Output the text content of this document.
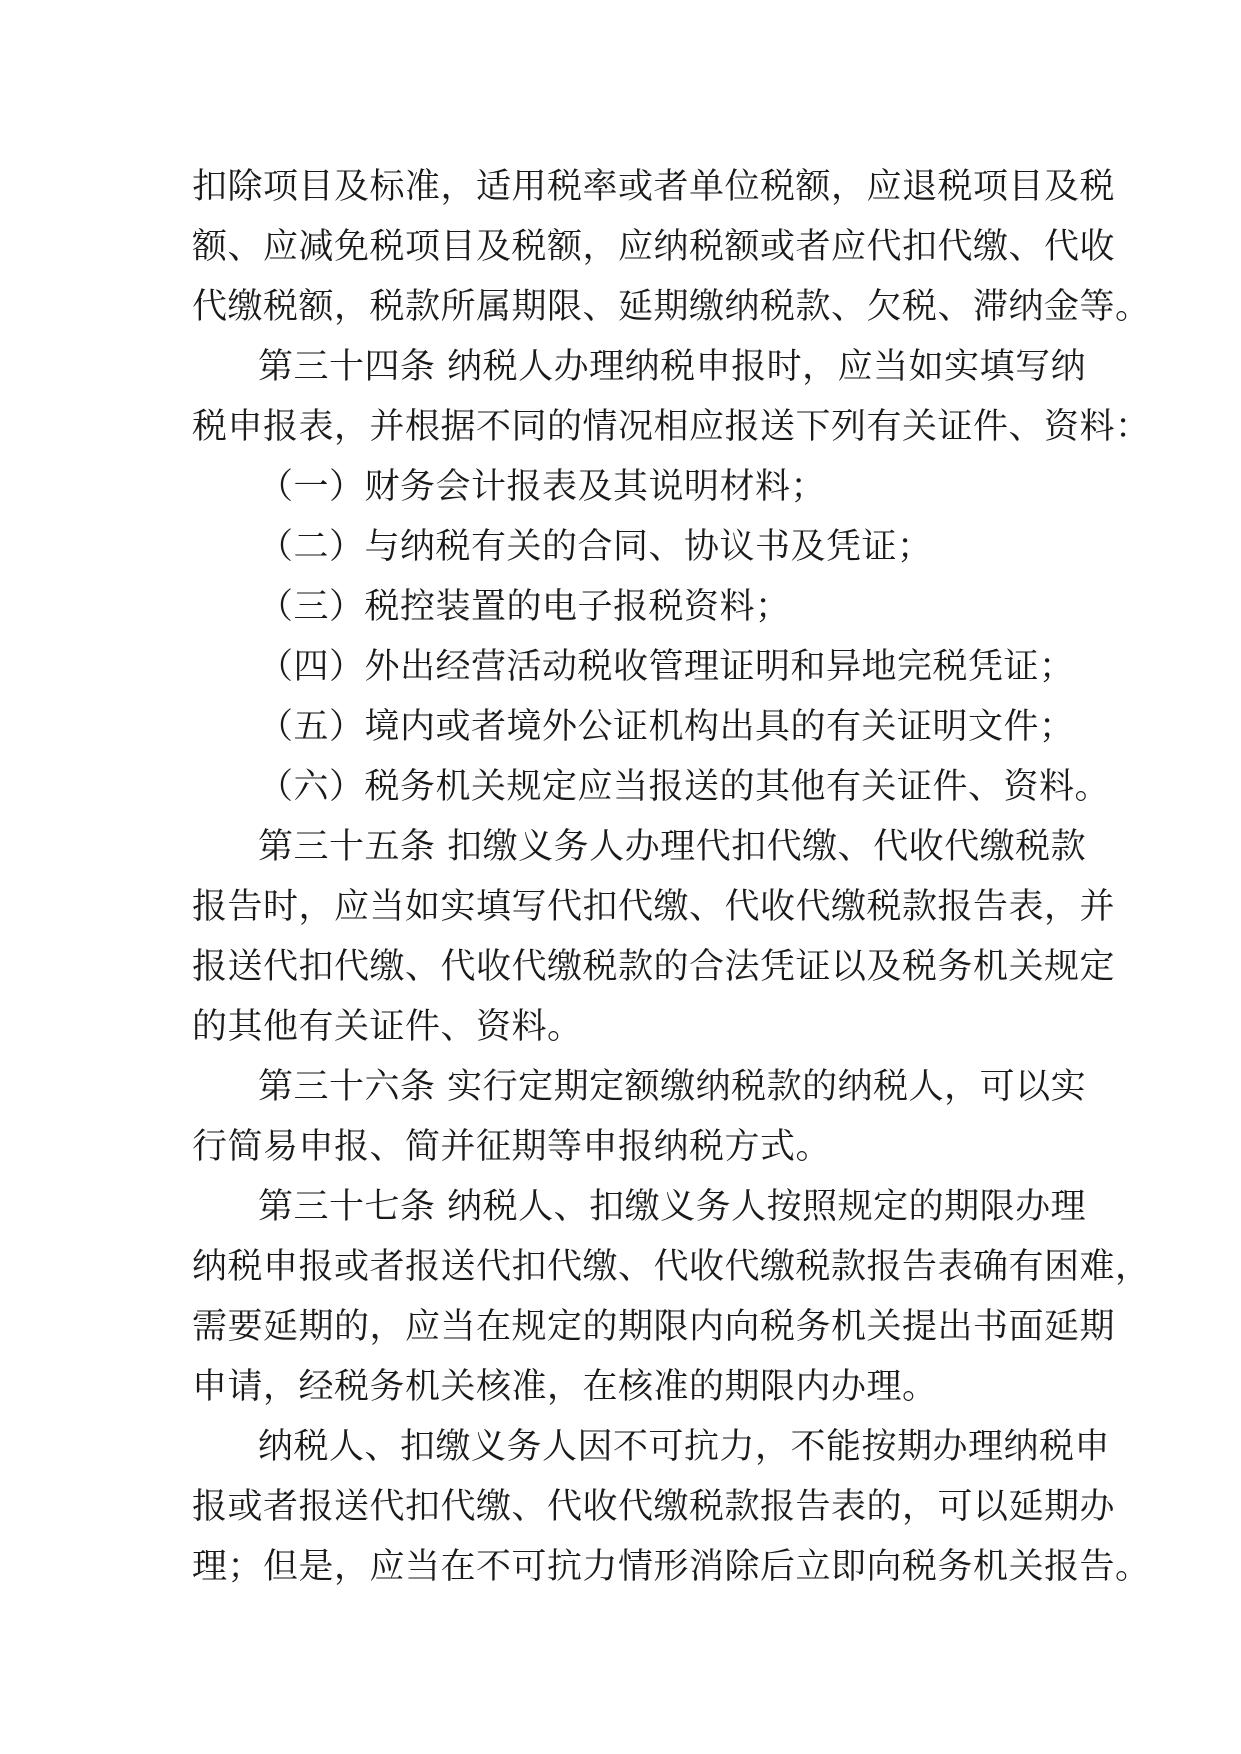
扣除项目及标准，适用税率或者单位税额，应退税项目及税
额、应减免税项目及税额，应纳税额或者应代扣代缴、代收
代缴税额，税款所属期限、延期缴纳税款、欠税、滞纳金等。
第三十四条 纳税人办理纳税申报时，应当如实填写纳
税申报表，并根据不同的情况相应报送下列有关证件、资料：
（一）财务会计报表及其说明材料；
（二）与纳税有关的合同、协议书及凭证；
（三）税控装置的电子报税资料；
（四）外出经营活动税收管理证明和异地完税凭证；
（五）境内或者境外公证机构出具的有关证明文件；
（六）税务机关规定应当报送的其他有关证件、资料。
第三十五条 扣缴义务人办理代扣代缴、代收代缴税款
报告时，应当如实填写代扣代缴、代收代缴税款报告表，并
报送代扣代缴、代收代缴税款的合法凭证以及税务机关规定
的其他有关证件、资料。
第三十六条 实行定期定额缴纳税款的纳税人，可以实
行简易申报、简并征期等申报纳税方式。
第三十七条 纳税人、扣缴义务人按照规定的期限办理
纳税申报或者报送代扣代缴、代收代缴税款报告表确有困难，
需要延期的，应当在规定的期限内向税务机关提出书面延期
申请，经税务机关核准，在核准的期限内办理。
纳税人、扣缴义务人因不可抗力，不能按期办理纳税申
报或者报送代扣代缴、代收代缴税款报告表的，可以延期办
理；但是，应当在不可抗力情形消除后立即向税务机关报告。
